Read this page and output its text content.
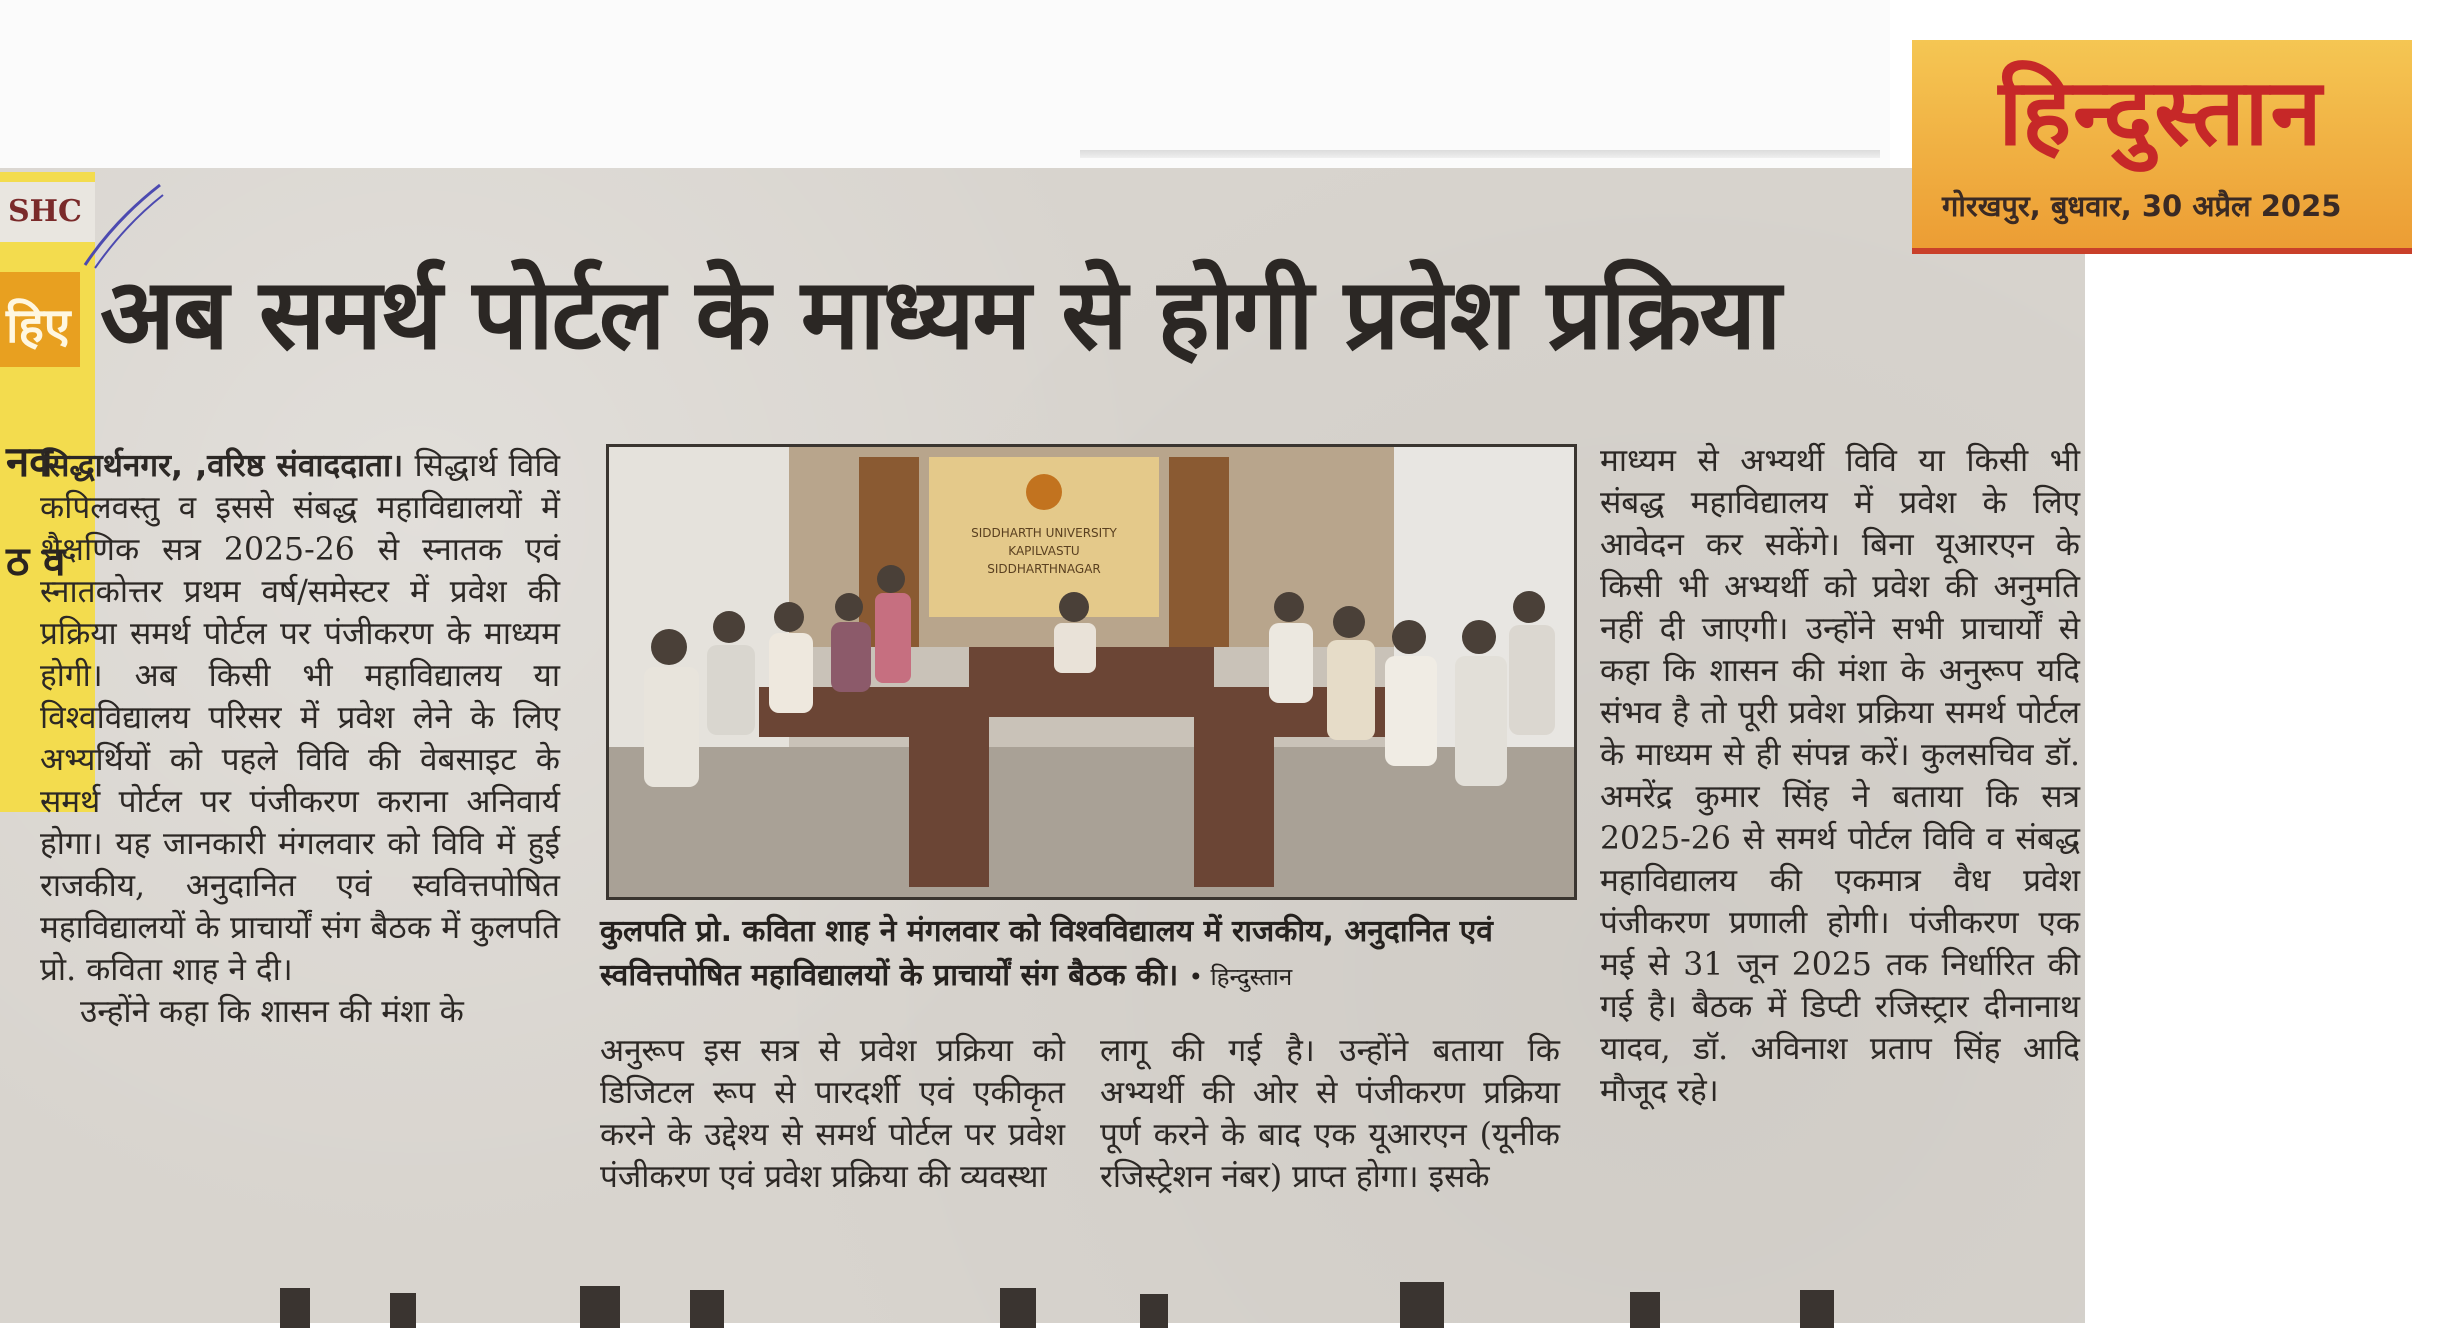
SHC
हिए
नव
ठ व
हिन्दुस्तान
गोरखपुर, बुधवार, 30 अप्रैल 2025
अब समर्थ पोर्टल के माध्यम से होगी प्रवेश प्रक्रिया

सिद्धार्थनगर, ,वरिष्ठ संवाददाता। सिद्धार्थ विवि कपिलवस्तु व इससे संबद्ध महाविद्यालयों में शैक्षणिक सत्र 2025-26 से स्नातक एवं स्नातकोत्तर प्रथम वर्ष/समेस्टर में प्रवेश की प्रक्रिया समर्थ पोर्टल पर पंजीकरण के माध्यम होगी। अब किसी भी महाविद्यालय या विश्वविद्यालय परिसर में प्रवेश लेने के लिए अभ्यर्थियों को पहले विवि की वेबसाइट के समर्थ पोर्टल पर पंजीकरण कराना अनिवार्य होगा। यह जानकारी मंगलवार को विवि में हुई राजकीय, अनुदानित एवं स्ववित्तपोषित महाविद्यालयों के प्राचार्यों संग बैठक में कुलपति प्रो. कविता शाह ने दी।

उन्होंने कहा कि शासन की मंशा के

SIDDHARTH UNIVERSITY
KAPILVASTU
SIDDHARTHNAGAR
कुलपति प्रो. कविता शाह ने मंगलवार को विश्वविद्यालय में राजकीय, अनुदानित एवं स्ववित्तपोषित महाविद्यालयों के प्राचार्यों संग बैठक की। • हिन्दुस्तान

अनुरूप इस सत्र से प्रवेश प्रक्रिया को डिजिटल रूप से पारदर्शी एवं एकीकृत करने के उद्देश्य से समर्थ पोर्टल पर प्रवेश पंजीकरण एवं प्रवेश प्रक्रिया की व्यवस्था

लागू की गई है। उन्होंने बताया कि अभ्यर्थी की ओर से पंजीकरण प्रक्रिया पूर्ण करने के बाद एक यूआरएन (यूनीक रजिस्ट्रेशन नंबर) प्राप्त होगा। इसके

माध्यम से अभ्यर्थी विवि या किसी भी संबद्ध महाविद्यालय में प्रवेश के लिए आवेदन कर सकेंगे। बिना यूआरएन के किसी भी अभ्यर्थी को प्रवेश की अनुमति नहीं दी जाएगी। उन्होंने सभी प्राचार्यों से कहा कि शासन की मंशा के अनुरूप यदि संभव है तो पूरी प्रवेश प्रक्रिया समर्थ पोर्टल के माध्यम से ही संपन्न करें। कुलसचिव डॉ. अमरेंद्र कुमार सिंह ने बताया कि सत्र 2025-26 से समर्थ पोर्टल विवि व संबद्ध महाविद्यालय की एकमात्र वैध प्रवेश पंजीकरण प्रणाली होगी। पंजीकरण एक मई से 31 जून 2025 तक निर्धारित की गई है। बैठक में डिप्टी रजिस्ट्रार दीनानाथ यादव, डॉ. अविनाश प्रताप सिंह आदि मौजूद रहे।
